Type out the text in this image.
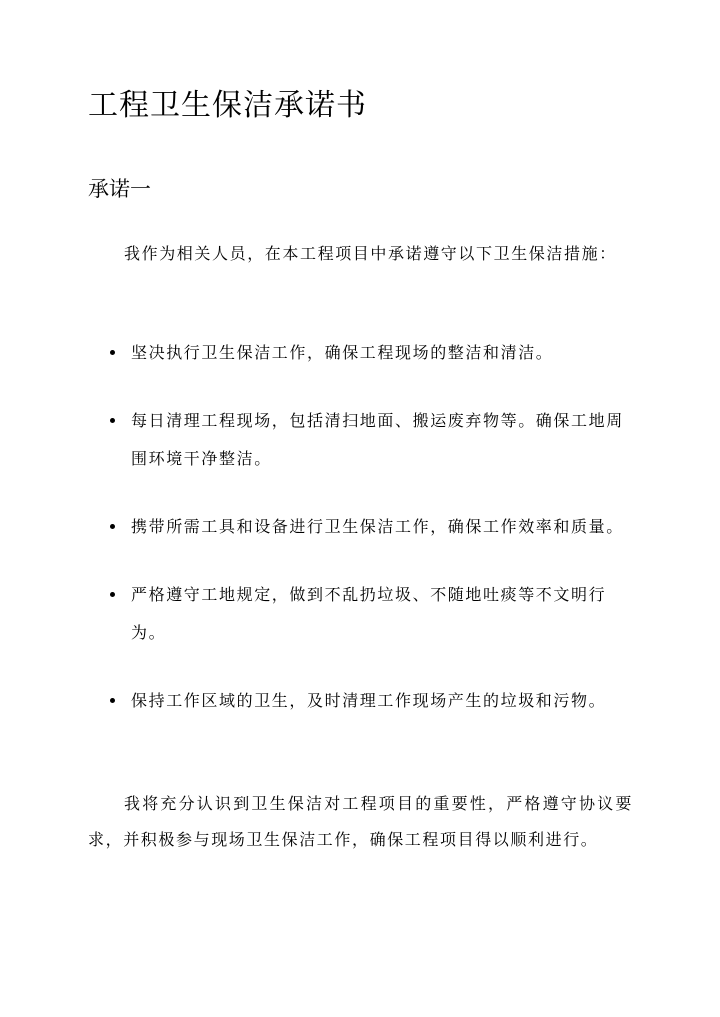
工程卫生保洁承诺书
承诺一

我作为相关人员，在本工程项目中承诺遵守以下卫生保洁措施：

坚决执行卫生保洁工作，确保工程现场的整洁和清洁。
每日清理工程现场，包括清扫地面、搬运废弃物等。确保工地周围环境干净整洁。
携带所需工具和设备进行卫生保洁工作，确保工作效率和质量。
严格遵守工地规定，做到不乱扔垃圾、不随地吐痰等不文明行为。
保持工作区域的卫生，及时清理工作现场产生的垃圾和污物。

我将充分认识到卫生保洁对工程项目的重要性，严格遵守协议要求，并积极参与现场卫生保洁工作，确保工程项目得以顺利进行。
